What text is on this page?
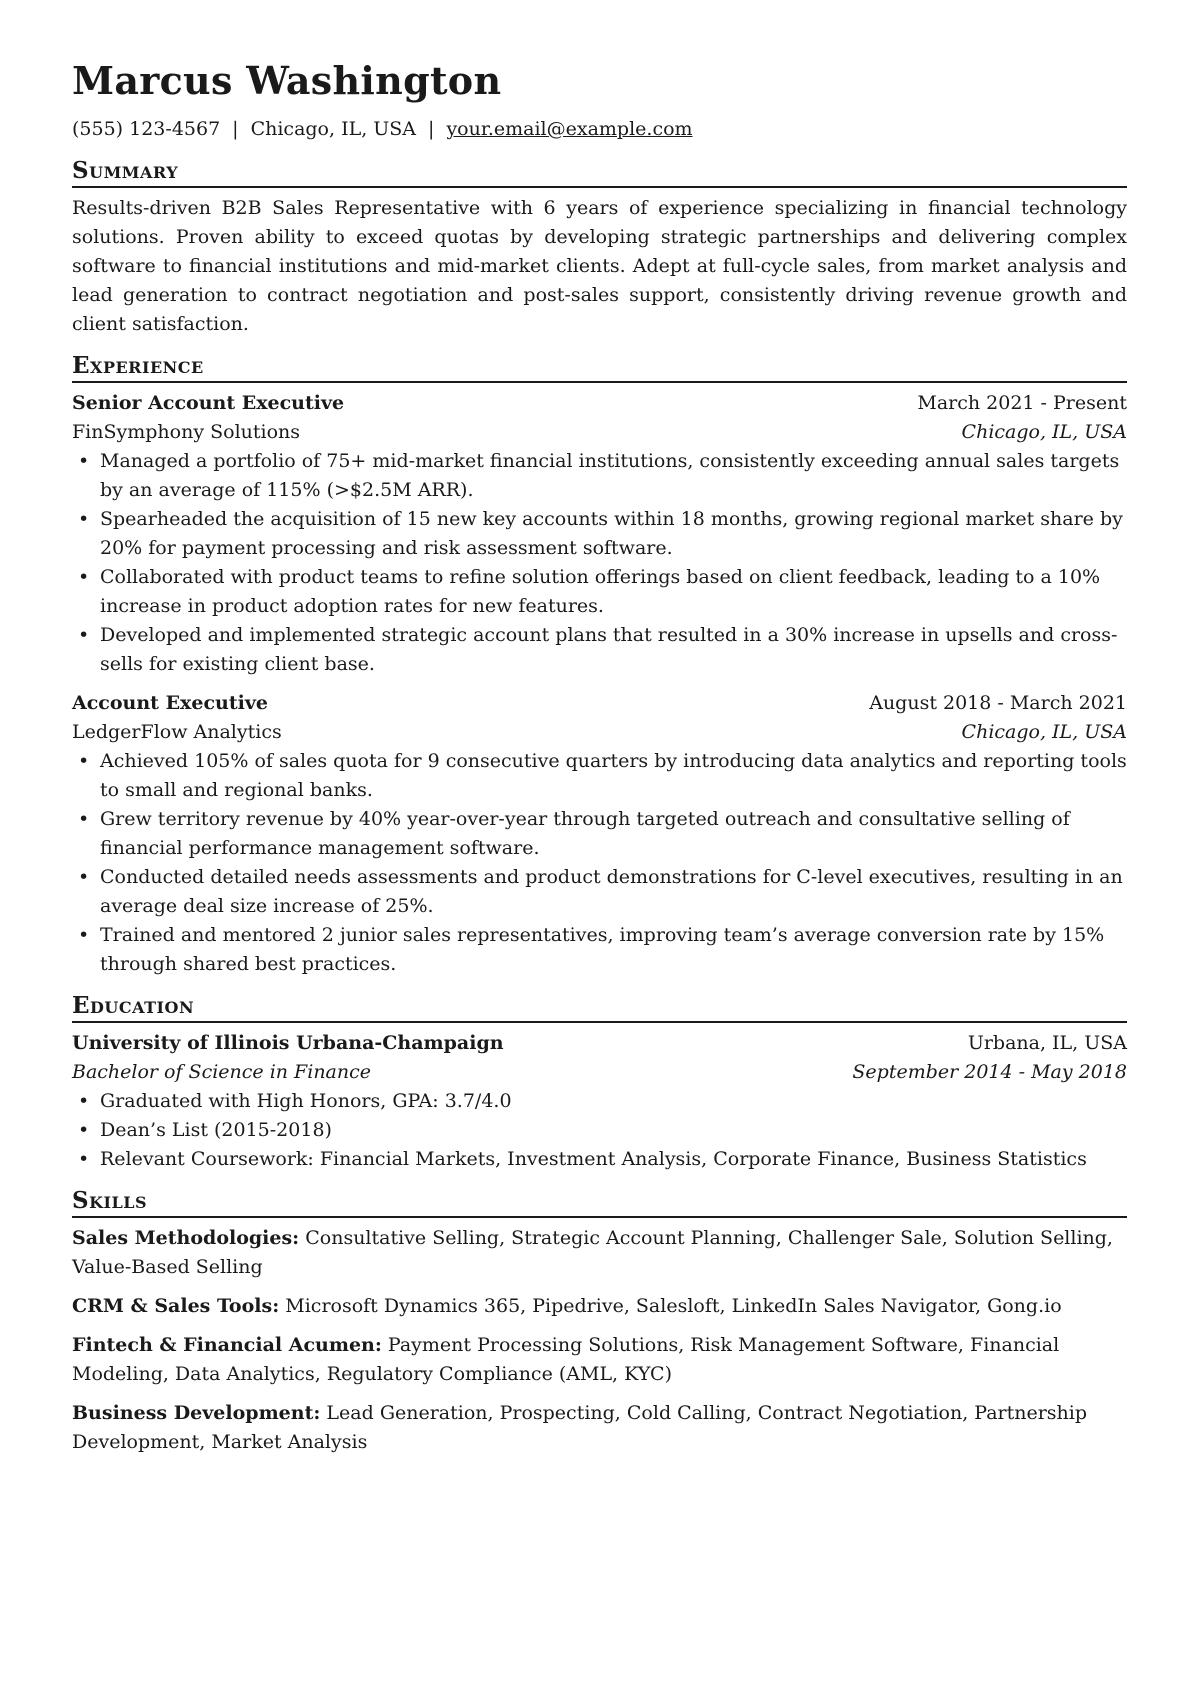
Marcus Washington
(555) 123-4567 | Chicago, IL, USA | your.email@example.com
Summary

Results-driven B2B Sales Representative with 6 years of experience specializing in financial technology solutions. Proven ability to exceed quotas by developing strategic partnerships and delivering complex software to financial institutions and mid-market clients. Adept at full-cycle sales, from market analysis and lead generation to contract negotiation and post-sales support, consistently driving revenue growth and client satisfaction.

Experience
Senior Account Executive	March 2021 - Present
FinSymphony Solutions	Chicago, IL, USA
• Managed a portfolio of 75+ mid-market financial institutions, consistently exceeding annual sales targets by an average of 115% (>$2.5M ARR).
• Spearheaded the acquisition of 15 new key accounts within 18 months, growing regional market share by 20% for payment processing and risk assessment software.
• Collaborated with product teams to refine solution offerings based on client feedback, leading to a 10% increase in product adoption rates for new features.
• Developed and implemented strategic account plans that resulted in a 30% increase in upsells and cross-sells for existing client base.
Account Executive	August 2018 - March 2021
LedgerFlow Analytics	Chicago, IL, USA
• Achieved 105% of sales quota for 9 consecutive quarters by introducing data analytics and reporting tools to small and regional banks.
• Grew territory revenue by 40% year-over-year through targeted outreach and consultative selling of financial performance management software.
• Conducted detailed needs assessments and product demonstrations for C-level executives, resulting in an average deal size increase of 25%.
• Trained and mentored 2 junior sales representatives, improving team’s average conversion rate by 15% through shared best practices.
Education
University of Illinois Urbana-Champaign	Urbana, IL, USA
Bachelor of Science in Finance	September 2014 - May 2018
• Graduated with High Honors, GPA: 3.7/4.0
• Dean’s List (2015-2018)
• Relevant Coursework: Financial Markets, Investment Analysis, Corporate Finance, Business Statistics
Skills

Sales Methodologies: Consultative Selling, Strategic Account Planning, Challenger Sale, Solution Selling, Value-Based Selling

CRM & Sales Tools: Microsoft Dynamics 365, Pipedrive, Salesloft, LinkedIn Sales Navigator, Gong.io

Fintech & Financial Acumen: Payment Processing Solutions, Risk Management Software, Financial Modeling, Data Analytics, Regulatory Compliance (AML, KYC)

Business Development: Lead Generation, Prospecting, Cold Calling, Contract Negotiation, Partnership Development, Market Analysis
